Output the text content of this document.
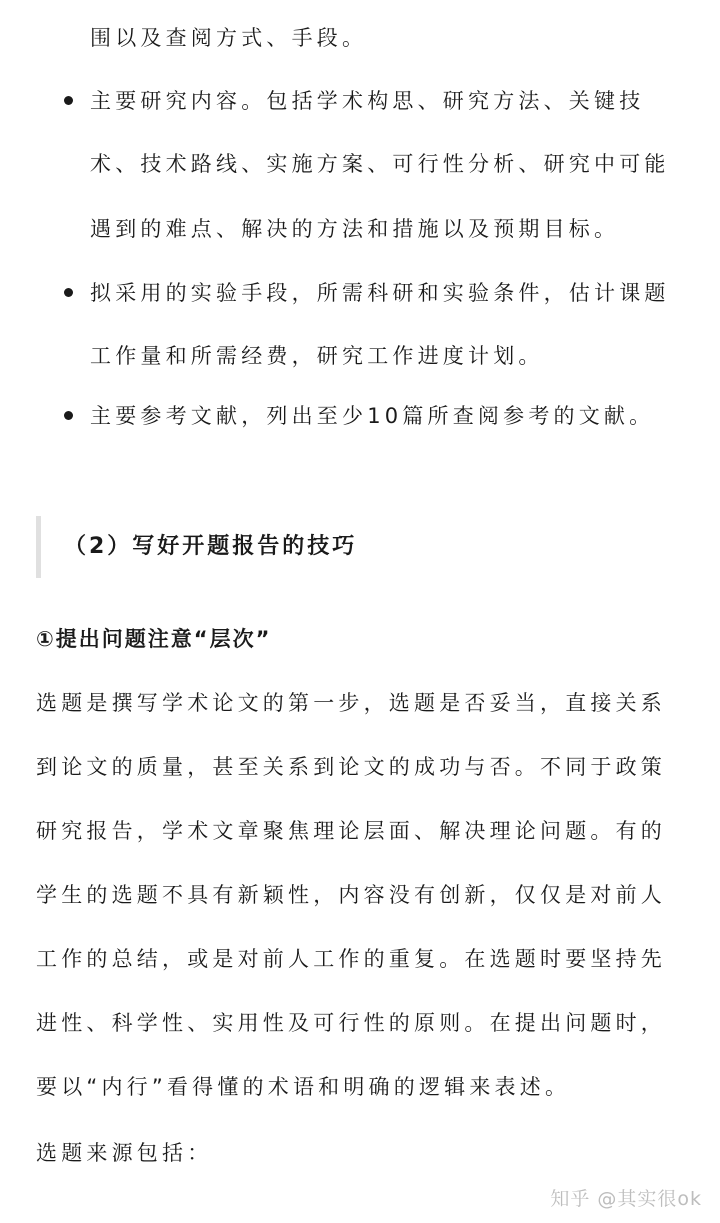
围以及查阅方式、手段。
主要研究内容。包括学术构思、研究方法、关键技
术、技术路线、实施方案、可行性分析、研究中可能
遇到的难点、解决的方法和措施以及预期目标。
拟采用的实验手段，所需科研和实验条件，估计课题
工作量和所需经费，研究工作进度计划。
主要参考文献，列出至少10篇所查阅参考的文献。
（2）写好开题报告的技巧
①提出问题注意“层次”
选题是撰写学术论文的第一步，选题是否妥当，直接关系
到论文的质量，甚至关系到论文的成功与否。不同于政策
研究报告，学术文章聚焦理论层面、解决理论问题。有的
学生的选题不具有新颖性，内容没有创新，仅仅是对前人
工作的总结，或是对前人工作的重复。在选题时要坚持先
进性、科学性、实用性及可行性的原则。在提出问题时，
要以“内行”看得懂的术语和明确的逻辑来表述。
选题来源包括：
知乎 @其实很ok
